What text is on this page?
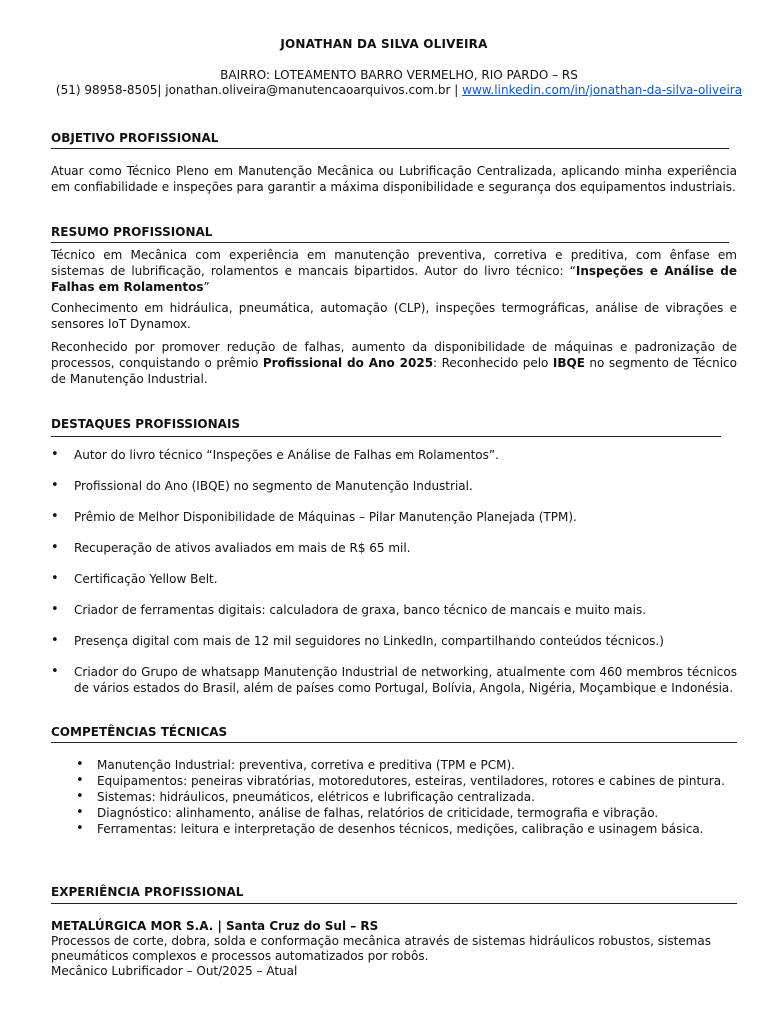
JONATHAN DA SILVA OLIVEIRA
BAIRRO: LOTEAMENTO BARRO VERMELHO, RIO PARDO – RS
(51) 98958-8505| jonathan.oliveira@manutencaoarquivos.com.br | www.linkedin.com/in/jonathan-da-silva-oliveira
OBJETIVO PROFISSIONAL
Atuar como Técnico Pleno em Manutenção Mecânica ou Lubrificação Centralizada, aplicando minha experiência em confiabilidade e inspeções para garantir a máxima disponibilidade e segurança dos equipamentos industriais.
RESUMO PROFISSIONAL
Técnico em Mecânica com experiência em manutenção preventiva, corretiva e preditiva, com ênfase em sistemas de lubrificação, rolamentos e mancais bipartidos. Autor do livro técnico: “Inspeções e Análise de Falhas em Rolamentos”
Conhecimento em hidráulica, pneumática, automação (CLP), inspeções termográficas, análise de vibrações e sensores IoT Dynamox.
Reconhecido por promover redução de falhas, aumento da disponibilidade de máquinas e padronização de processos, conquistando o prêmio Profissional do Ano 2025: Reconhecido pelo IBQE no segmento de Técnico de Manutenção Industrial.
DESTAQUES PROFISSIONAIS
• Autor do livro técnico “Inspeções e Análise de Falhas em Rolamentos”.
• Profissional do Ano (IBQE) no segmento de Manutenção Industrial.
• Prêmio de Melhor Disponibilidade de Máquinas – Pilar Manutenção Planejada (TPM).
• Recuperação de ativos avaliados em mais de R$ 65 mil.
• Certificação Yellow Belt.
• Criador de ferramentas digitais: calculadora de graxa, banco técnico de mancais e muito mais.
• Presença digital com mais de 12 mil seguidores no LinkedIn, compartilhando conteúdos técnicos.)
• Criador do Grupo de whatsapp Manutenção Industrial de networking, atualmente com 460 membros técnicos de vários estados do Brasil, além de países como Portugal, Bolívia, Angola, Nigéria, Moçambique e Indonésia.
COMPETÊNCIAS TÉCNICAS
• Manutenção Industrial: preventiva, corretiva e preditiva (TPM e PCM).
• Equipamentos: peneiras vibratórias, motoredutores, esteiras, ventiladores, rotores e cabines de pintura.
• Sistemas: hidráulicos, pneumáticos, elétricos e lubrificação centralizada.
• Diagnóstico: alinhamento, análise de falhas, relatórios de criticidade, termografia e vibração.
• Ferramentas: leitura e interpretação de desenhos técnicos, medições, calibração e usinagem básica.
EXPERIÊNCIA PROFISSIONAL
METALÚRGICA MOR S.A. | Santa Cruz do Sul – RS
Processos de corte, dobra, solda e conformação mecânica através de sistemas hidráulicos robustos, sistemas pneumáticos complexos e processos automatizados por robôs.
Mecânico Lubrificador – Out/2025 – Atual
